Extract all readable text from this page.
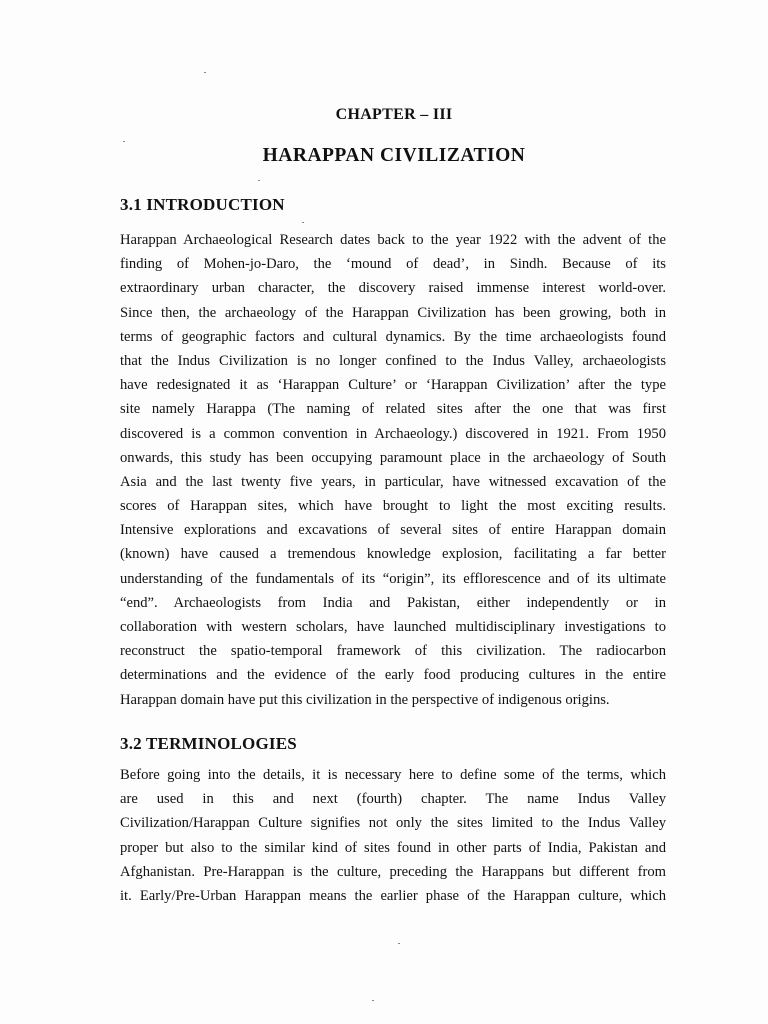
CHAPTER – III
HARAPPAN CIVILIZATION
3.1 INTRODUCTION

Harappan Archaeological Research dates back to the year 1922 with the advent of the
finding of Mohen-jo-Daro, the ‘mound of dead’, in Sindh. Because of its
extraordinary urban character, the discovery raised immense interest world-over.
Since then, the archaeology of the Harappan Civilization has been growing, both in
terms of geographic factors and cultural dynamics. By the time archaeologists found
that the Indus Civilization is no longer confined to the Indus Valley, archaeologists
have redesignated it as ‘Harappan Culture’ or ‘Harappan Civilization’ after the type
site namely Harappa (The naming of related sites after the one that was first
discovered is a common convention in Archaeology.) discovered in 1921. From 1950
onwards, this study has been occupying paramount place in the archaeology of South
Asia and the last twenty five years, in particular, have witnessed excavation of the
scores of Harappan sites, which have brought to light the most exciting results.
Intensive explorations and excavations of several sites of entire Harappan domain
(known) have caused a tremendous knowledge explosion, facilitating a far better
understanding of the fundamentals of its “origin”, its efflorescence and of its ultimate
“end”. Archaeologists from India and Pakistan, either independently or in
collaboration with western scholars, have launched multidisciplinary investigations to
reconstruct the spatio-temporal framework of this civilization. The radiocarbon
determinations and the evidence of the early food producing cultures in the entire
Harappan domain have put this civilization in the perspective of indigenous origins.

3.2 TERMINOLOGIES

Before going into the details, it is necessary here to define some of the terms, which
are used in this and next (fourth) chapter. The name Indus Valley
Civilization/Harappan Culture signifies not only the sites limited to the Indus Valley
proper but also to the similar kind of sites found in other parts of India, Pakistan and
Afghanistan. Pre-Harappan is the culture, preceding the Harappans but different from
it. Early/Pre-Urban Harappan means the earlier phase of the Harappan culture, which
